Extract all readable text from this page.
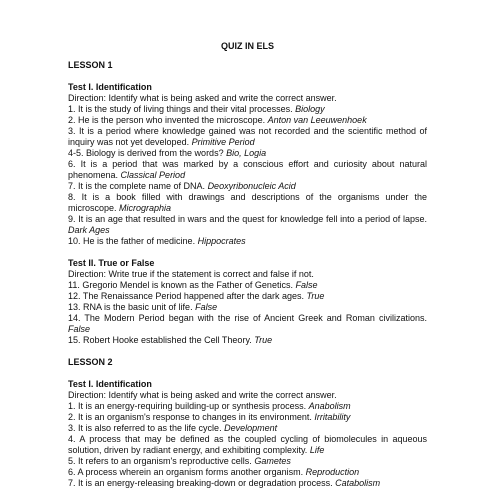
QUIZ IN ELS
LESSON 1
Test I. Identification
Direction: Identify what is being asked and write the correct answer.
1. It is the study of living things and their vital processes. Biology
2. He is the person who invented the microscope. Anton van Leeuwenhoek
3. It is a period where knowledge gained was not recorded and the scientific method of inquiry was not yet developed. Primitive Period
4-5. Biology is derived from the words? Bio, Logia
6. It is a period that was marked by a conscious effort and curiosity about natural phenomena. Classical Period
7. It is the complete name of DNA. Deoxyribonucleic Acid
8. It is a book filled with drawings and descriptions of the organisms under the microscope. Micrographia
9. It is an age that resulted in wars and the quest for knowledge fell into a period of lapse. Dark Ages
10. He is the father of medicine. Hippocrates
Test II. True or False
Direction: Write true if the statement is correct and false if not.
11. Gregorio Mendel is known as the Father of Genetics. False
12. The Renaissance Period happened after the dark ages. True
13. RNA is the basic unit of life. False
14. The Modern Period began with the rise of Ancient Greek and Roman civilizations. False
15. Robert Hooke established the Cell Theory. True
LESSON 2
Test I. Identification
Direction: Identify what is being asked and write the correct answer.
1. It is an energy-requiring building-up or synthesis process. Anabolism
2. It is an organism's response to changes in its environment. Irritability
3. It is also referred to as the life cycle. Development
4. A process that may be defined as the coupled cycling of biomolecules in aqueous solution, driven by radiant energy, and exhibiting complexity. Life
5. It refers to an organism's reproductive cells. Gametes
6. A process wherein an organism forms another organism. Reproduction
7. It is an energy-releasing breaking-down or degradation process. Catabolism
